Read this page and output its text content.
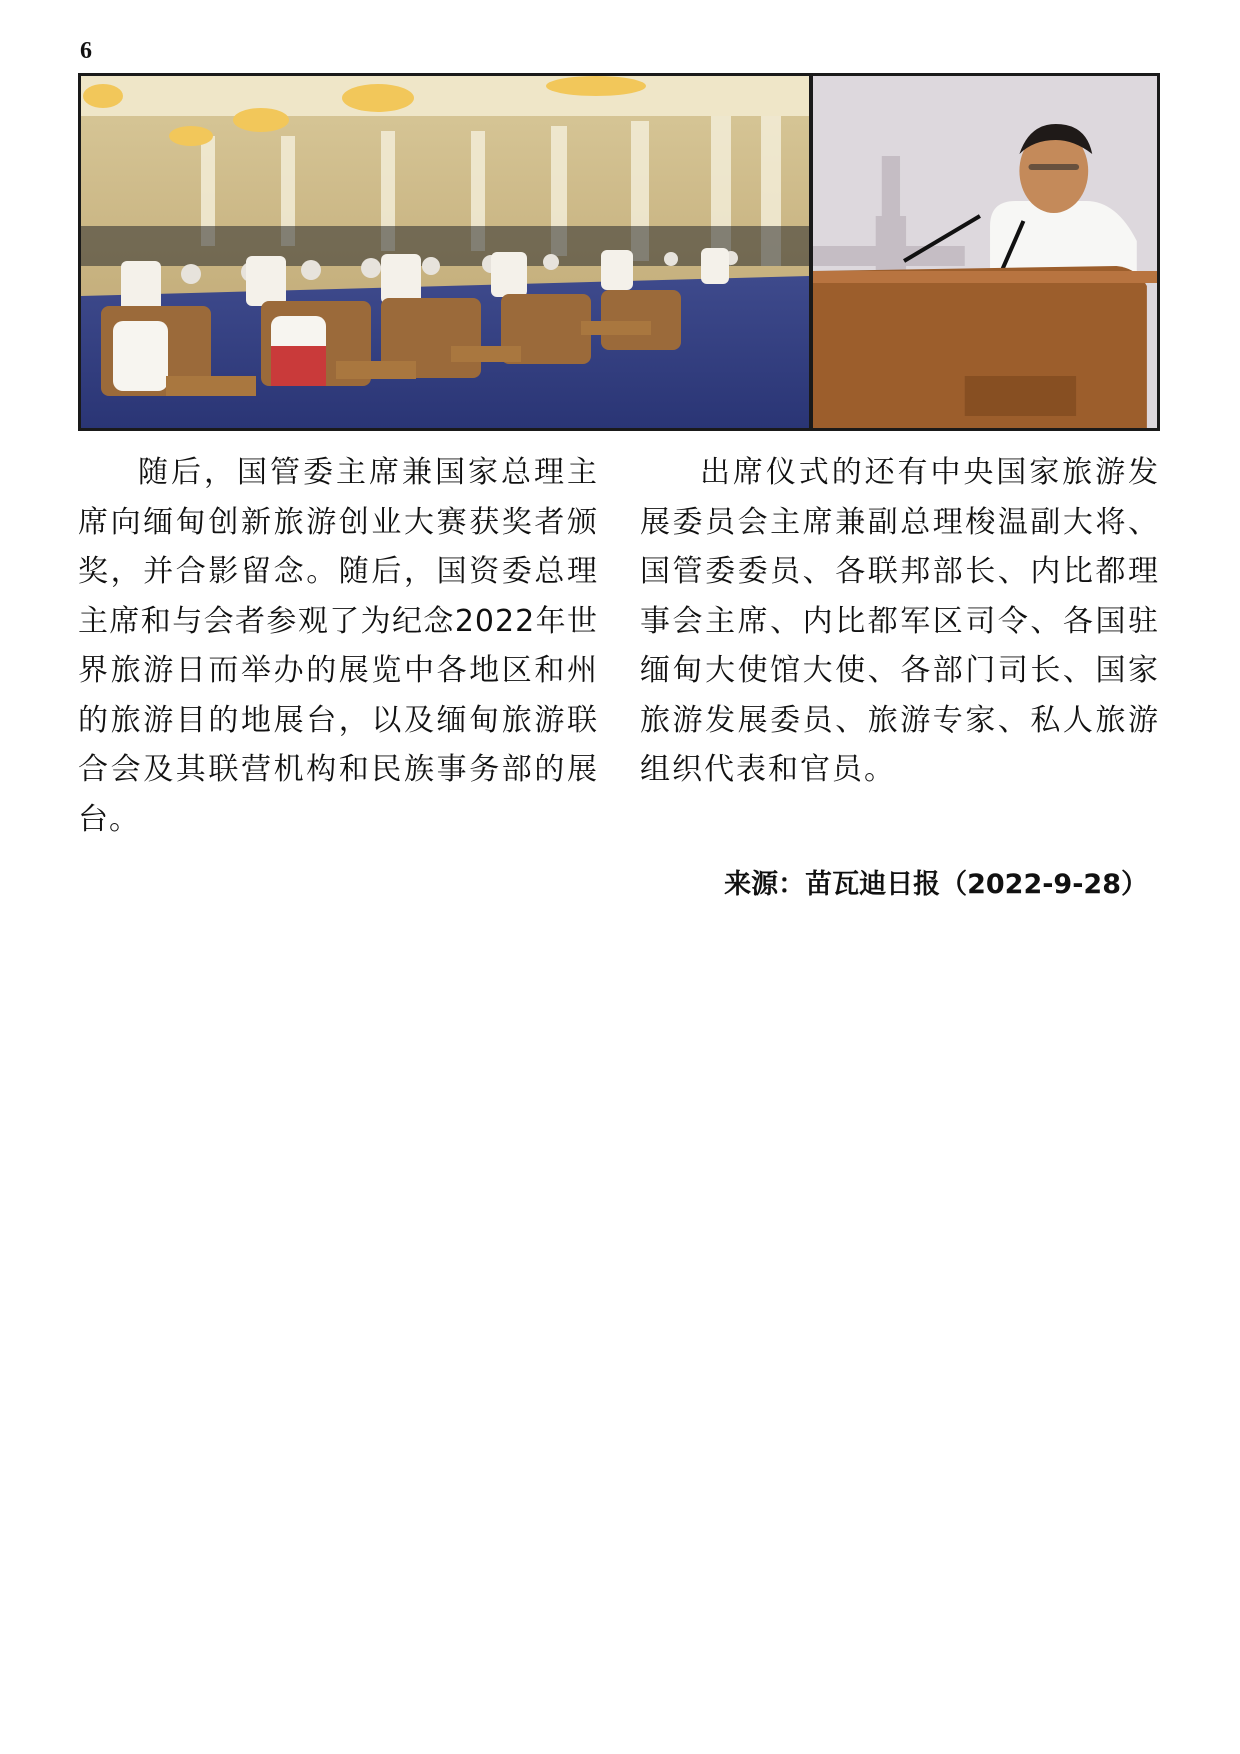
6

随后，国管委主席兼国家总理主席向缅甸创新旅游创业大赛获奖者颁奖，并合影留念。随后，国资委总理主席和与会者参观了为纪念2022年世界旅游日而举办的展览中各地区和州的旅游目的地展台，以及缅甸旅游联合会及其联营机构和民族事务部的展台。

出席仪式的还有中央国家旅游发展委员会主席兼副总理梭温副大将、国管委委员、各联邦部长、内比都理事会主席、内比都军区司令、各国驻缅甸大使馆大使、各部门司长、国家旅游发展委员、旅游专家、私人旅游组织代表和官员。

来源：苗瓦迪日报（2022-9-28）
